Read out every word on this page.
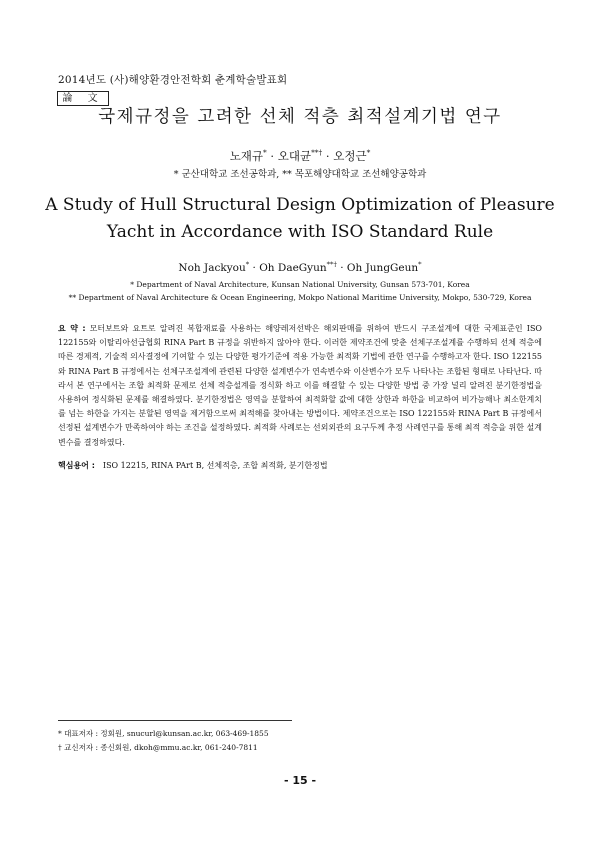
2014년도 (사)해양환경안전학회 춘계학술발표회
論 文
국제규정을 고려한 선체 적층 최적설계기법 연구
노재규* · 오대균**† · 오정근*
* 군산대학교 조선공학과, ** 목포해양대학교 조선해양공학과
A Study of Hull Structural Design Optimization of Pleasure Yacht in Accordance with ISO Standard Rule
Noh Jackyou* · Oh DaeGyun**† · Oh JungGeun*
* Department of Naval Architecture, Kunsan National University, Gunsan 573-701, Korea
** Department of Naval Architecture & Ocean Engineering, Mokpo National Maritime University, Mokpo, 530-729, Korea
요 약 : 모터보트와 요트로 알려진 복합재료를 사용하는 해양레저선박은 해외판매를 위하여 반드시 구조설계에 대한 국제표준인 ISO 122155와 이탈리아선급협회 RINA Part B 규정을 위반하지 않아야 한다. 이러한 제약조건에 맞춘 선체구조설계를 수행하되 선체 적층에 따른 경제적, 기술적 의사결정에 기여할 수 있는 다양한 평가기준에 적용 가능한 최적화 기법에 관한 연구를 수행하고자 한다. ISO 122155와 RINA Part B 규정에서는 선체구조설계에 관련된 다양한 설계변수가 연속변수와 이산변수가 모두 나타나는 조합된 형태로 나타난다. 따라서 본 연구에서는 조합 최적화 문제로 선체 적층설계를 정식화 하고 이를 해결할 수 있는 다양한 방법 중 가장 널리 알려진 분기한정법을 사용하여 정식화된 문제를 해결하였다. 분기한정법은 영역을 분할하여 최적화할 값에 대한 상한과 하한을 비교하여 비가능해나 최소한계치를 넘는 하한을 가지는 분할된 영역을 제거함으로써 최적해를 찾아내는 방법이다. 제약조건으로는 ISO 122155와 RINA Part B 규정에서 선정된 설계변수가 만족하여야 하는 조건을 설정하였다. 최적화 사례로는 선외외관의 요구두께 추정 사례연구를 통해 최적 적층을 위한 설계 변수를 결정하였다.
핵심용어 : ISO 12215, RINA PArt B, 선체적층, 조합 최적화, 분기한정법
* 대표저자 : 정회원, snucurl@kunsan.ac.kr, 063-469-1855
† 교신저자 : 종신회원, dkoh@mmu.ac.kr, 061-240-7811
- 15 -
